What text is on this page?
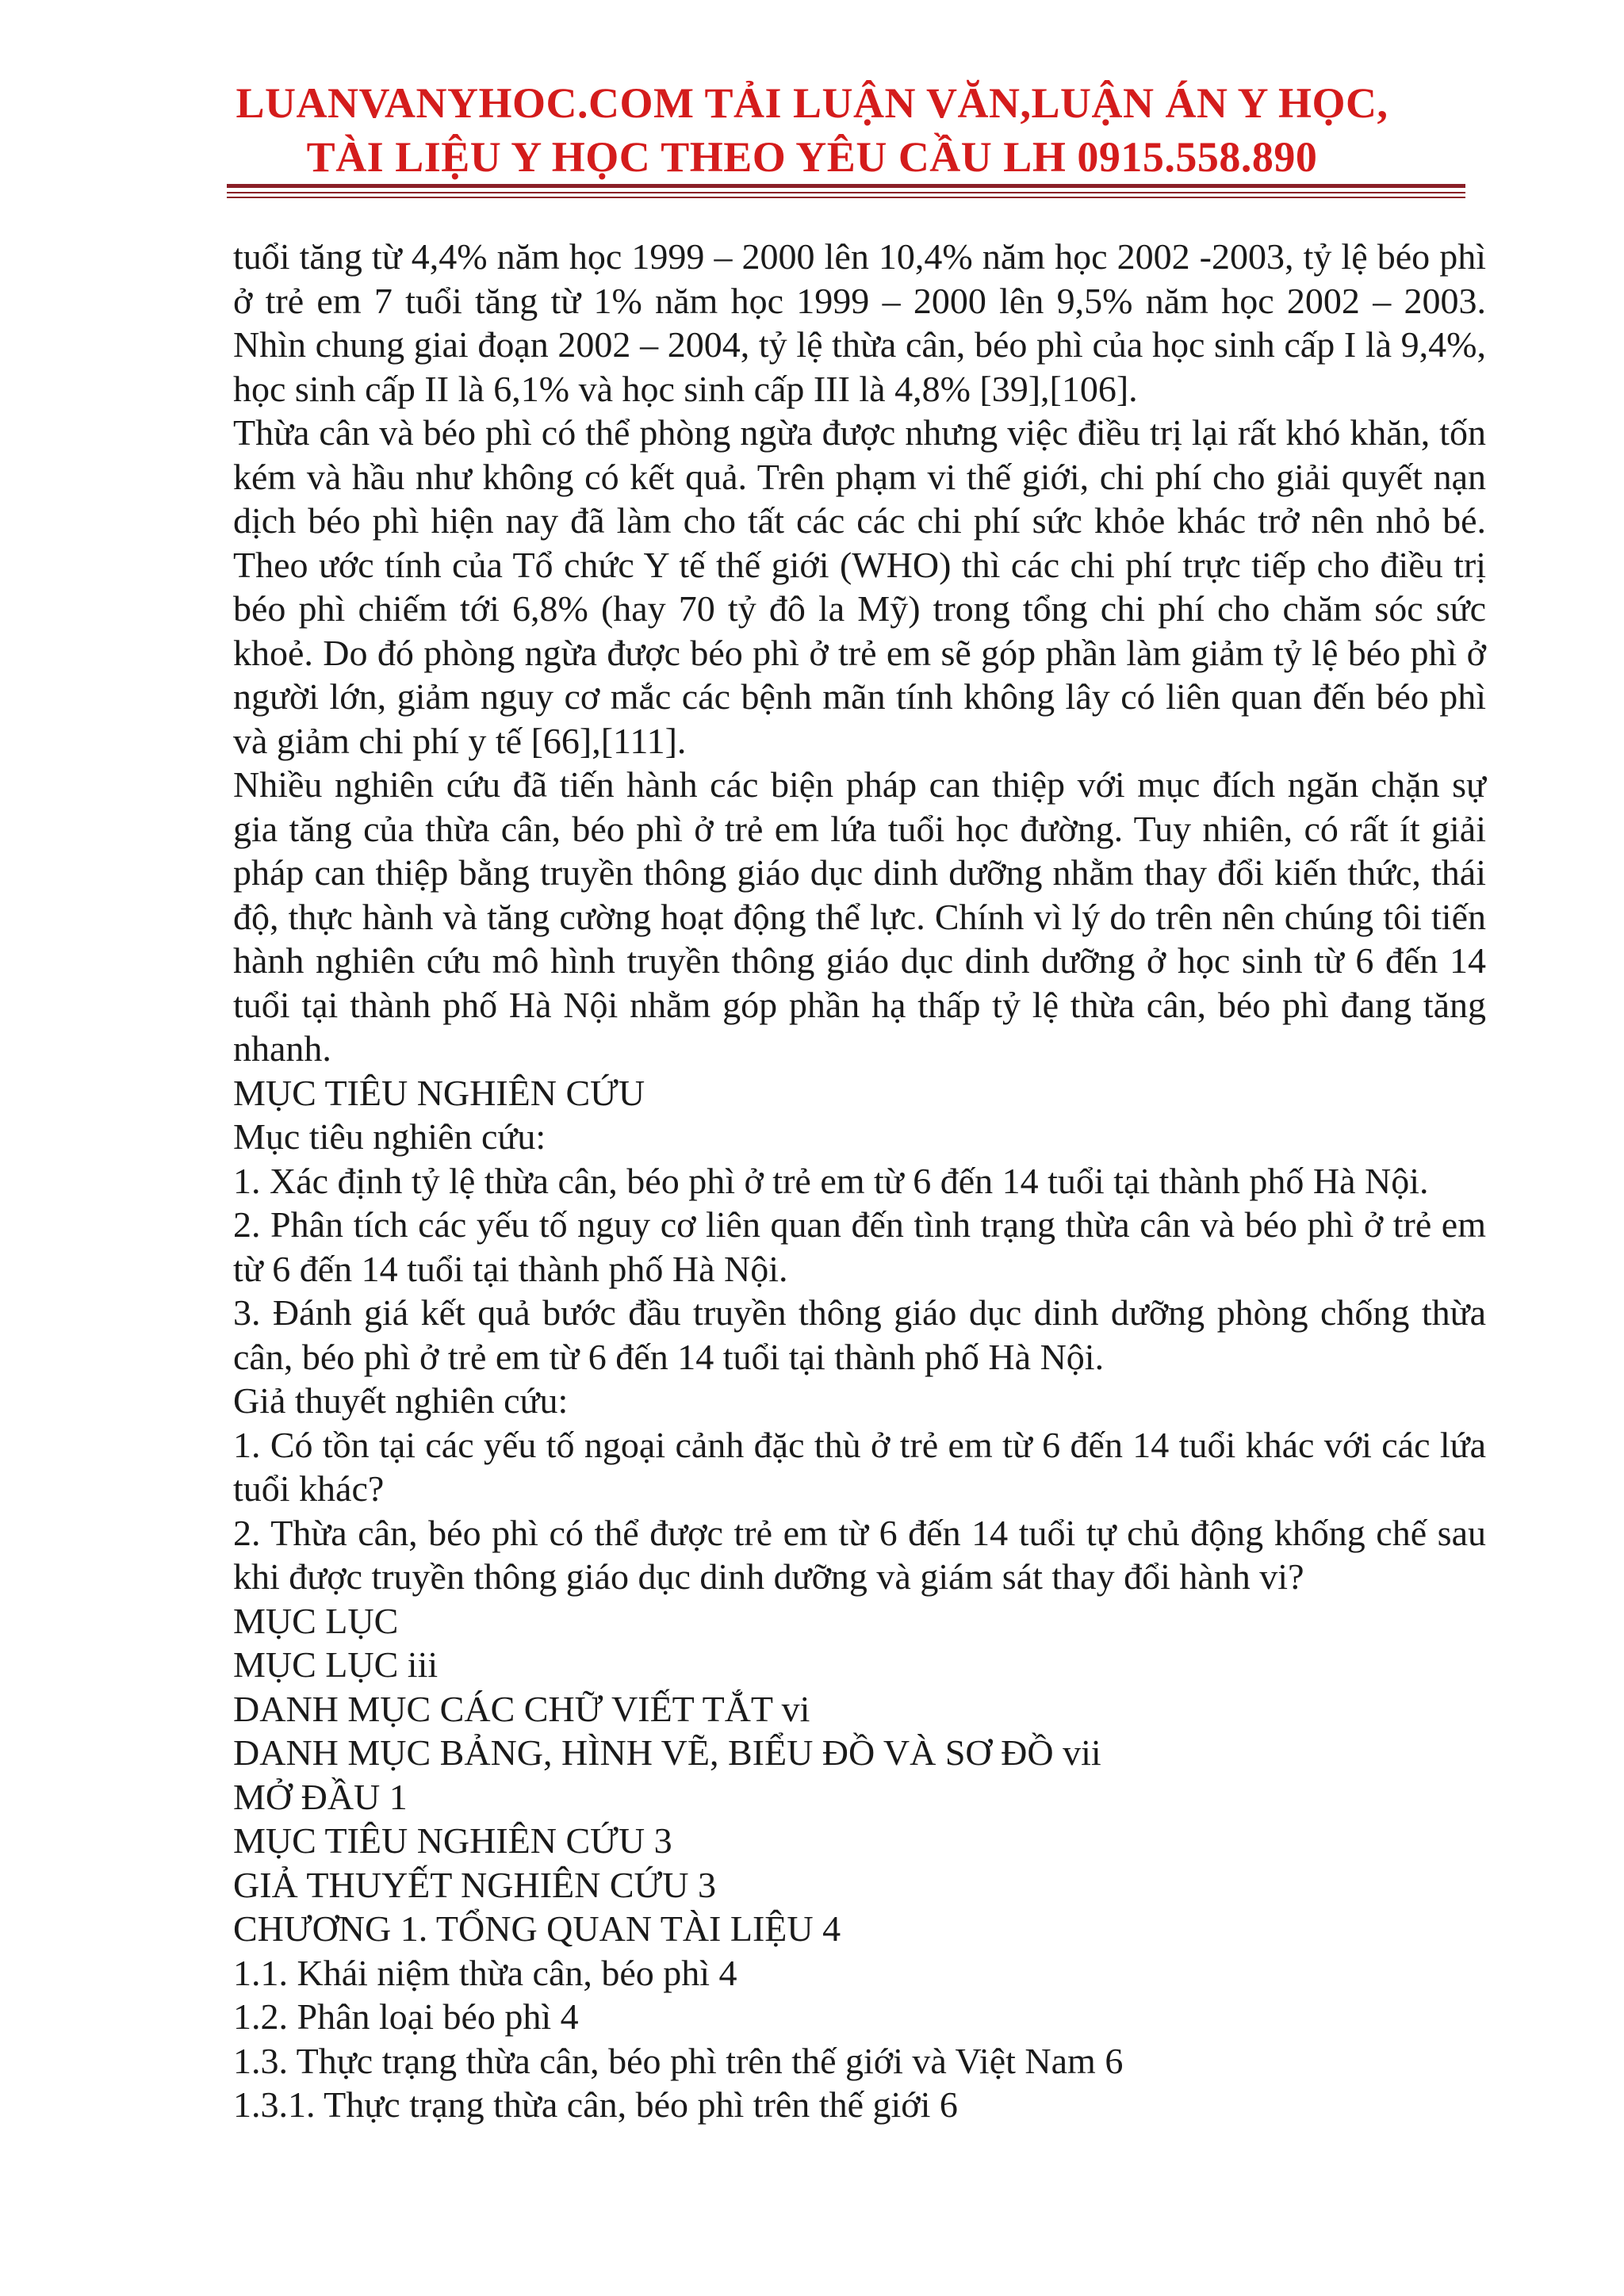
LUANVANYHOC.COM TẢI LUẬN VĂN,LUẬN ÁN Y HỌC,
TÀI LIỆU Y HỌC THEO YÊU CẦU LH 0915.558.890

tuổi tăng từ 4,4% năm học 1999 – 2000 lên 10,4% năm học 2002 -2003, tỷ lệ béo phì ở trẻ em 7 tuổi tăng từ 1% năm học 1999 – 2000 lên 9,5% năm học 2002 – 2003. Nhìn chung giai đoạn 2002 – 2004, tỷ lệ thừa cân, béo phì của học sinh cấp I là 9,4%, học sinh cấp II là 6,1% và học sinh cấp III là 4,8% [39],[106].

Thừa cân và béo phì có thể phòng ngừa được nhưng việc điều trị lại rất khó khăn, tốn kém và hầu như không có kết quả. Trên phạm vi thế giới, chi phí cho giải quyết nạn dịch béo phì hiện nay đã làm cho tất các các chi phí sức khỏe khác trở nên nhỏ bé. Theo ước tính của Tổ chức Y tế thế giới (WHO) thì các chi phí trực tiếp cho điều trị béo phì chiếm tới 6,8% (hay 70 tỷ đô la Mỹ) trong tổng chi phí cho chăm sóc sức khoẻ. Do đó phòng ngừa được béo phì ở trẻ em sẽ góp phần làm giảm tỷ lệ béo phì ở người lớn, giảm nguy cơ mắc các bệnh mãn tính không lây có liên quan đến béo phì và giảm chi phí y tế [66],[111].

Nhiều nghiên cứu đã tiến hành các biện pháp can thiệp với mục đích ngăn chặn sự gia tăng của thừa cân, béo phì ở trẻ em lứa tuổi học đường. Tuy nhiên, có rất ít giải pháp can thiệp bằng truyền thông giáo dục dinh dưỡng nhằm thay đổi kiến thức, thái độ, thực hành và tăng cường hoạt động thể lực. Chính vì lý do trên nên chúng tôi tiến hành nghiên cứu mô hình truyền thông giáo dục dinh dưỡng ở học sinh từ 6 đến 14 tuổi tại thành phố Hà Nội nhằm góp phần hạ thấp tỷ lệ thừa cân, béo phì đang tăng nhanh.

MỤC TIÊU NGHIÊN CỨU

Mục tiêu nghiên cứu:

1. Xác định tỷ lệ thừa cân, béo phì ở trẻ em từ 6 đến 14 tuổi tại thành phố Hà Nội.

2. Phân tích các yếu tố nguy cơ liên quan đến tình trạng thừa cân và béo phì ở trẻ em từ 6 đến 14 tuổi tại thành phố Hà Nội.

3. Đánh giá kết quả bước đầu truyền thông giáo dục dinh dưỡng phòng chống thừa cân, béo phì ở trẻ em từ 6 đến 14 tuổi tại thành phố Hà Nội.

Giả thuyết nghiên cứu:

1. Có tồn tại các yếu tố ngoại cảnh đặc thù ở trẻ em từ 6 đến 14 tuổi khác với các lứa tuổi khác?

2. Thừa cân, béo phì có thể được trẻ em từ 6 đến 14 tuổi tự chủ động khống chế sau khi được truyền thông giáo dục dinh dưỡng và giám sát thay đổi hành vi?

MỤC LỤC

MỤC LỤC iii

DANH MỤC CÁC CHỮ VIẾT TẮT vi

DANH MỤC BẢNG, HÌNH VẼ, BIỂU ĐỒ VÀ SƠ ĐỒ vii

MỞ ĐẦU 1

MỤC TIÊU NGHIÊN CỨU 3

GIẢ THUYẾT NGHIÊN CỨU 3

CHƯƠNG 1. TỔNG QUAN TÀI LIỆU 4

1.1. Khái niệm thừa cân, béo phì 4

1.2. Phân loại béo phì 4

1.3. Thực trạng thừa cân, béo phì trên thế giới và Việt Nam 6

1.3.1. Thực trạng thừa cân, béo phì trên thế giới 6
